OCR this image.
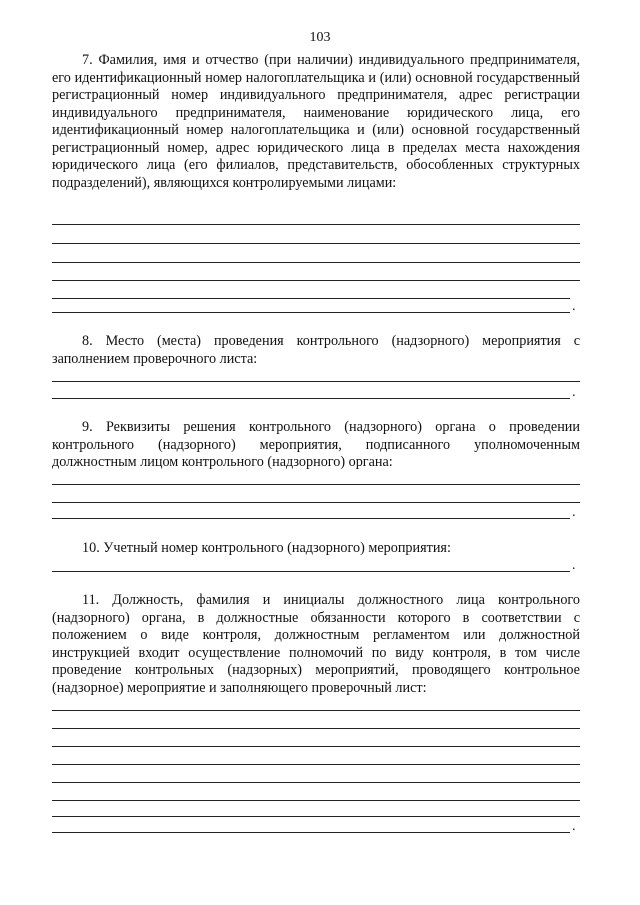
103

7. Фамилия, имя и отчество (при наличии) индивидуального предпринимателя, его идентификационный номер налогоплательщика и (или) основной государственный регистрационный номер индивидуального предпринимателя, адрес регистрации индивидуального предпринимателя, наименование юридического лица, его идентификационный номер налогоплательщика и (или) основной государственный регистрационный номер, адрес юридического лица в пределах места нахождения юридического лица (его филиалов, представительств, обособленных структурных подразделений), являющихся контролируемыми лицами:

.

8. Место (места) проведения контрольного (надзорного) мероприятия с заполнением проверочного листа:

.

9. Реквизиты решения контрольного (надзорного) органа о проведении контрольного (надзорного) мероприятия, подписанного уполномоченным должностным лицом контрольного (надзорного) органа:

.

10. Учетный номер контрольного (надзорного) мероприятия:

.

11. Должность, фамилия и инициалы должностного лица контрольного (надзорного) органа, в должностные обязанности которого в соответствии с положением о виде контроля, должностным регламентом или должностной инструкцией входит осуществление полномочий по виду контроля, в том числе проведение контрольных (надзорных) мероприятий, проводящего контрольное (надзорное) мероприятие и заполняющего проверочный лист:

.
